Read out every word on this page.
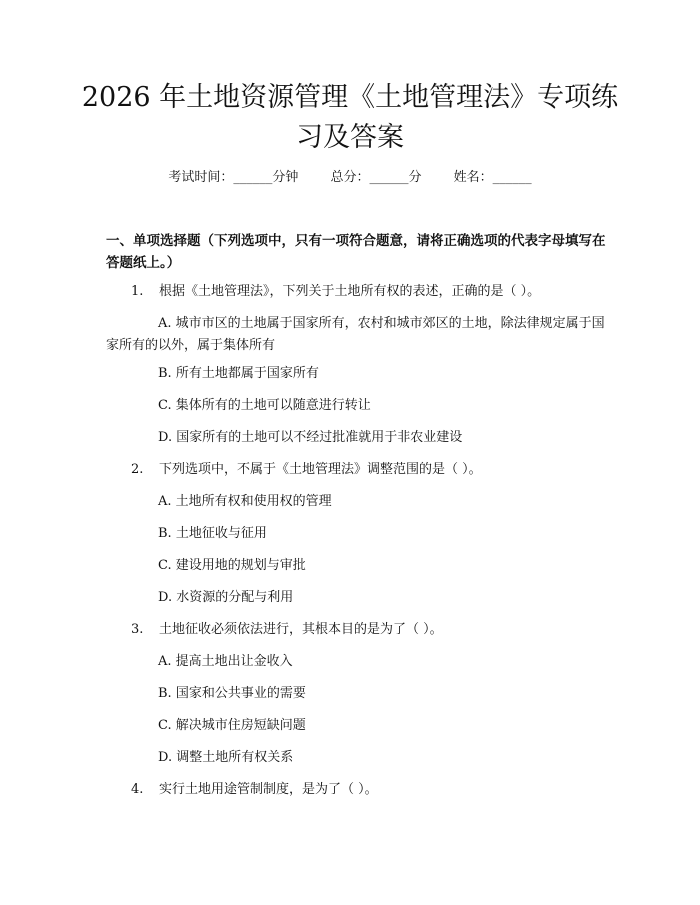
2026 年土地资源管理《土地管理法》专项练习及答案
考试时间：______分钟 总分：______分 姓名：______
一、单项选择题（下列选项中，只有一项符合题意，请将正确选项的代表字母填写在答题纸上。）
1. 根据《土地管理法》，下列关于土地所有权的表述，正确的是（ ）。
A. 城市市区的土地属于国家所有，农村和城市郊区的土地，除法律规定属于国家所有的以外，属于集体所有
B. 所有土地都属于国家所有
C. 集体所有的土地可以随意进行转让
D. 国家所有的土地可以不经过批准就用于非农业建设
2. 下列选项中，不属于《土地管理法》调整范围的是（ ）。
A. 土地所有权和使用权的管理
B. 土地征收与征用
C. 建设用地的规划与审批
D. 水资源的分配与利用
3. 土地征收必须依法进行，其根本目的是为了（ ）。
A. 提高土地出让金收入
B. 国家和公共事业的需要
C. 解决城市住房短缺问题
D. 调整土地所有权关系
4. 实行土地用途管制制度，是为了（ ）。
